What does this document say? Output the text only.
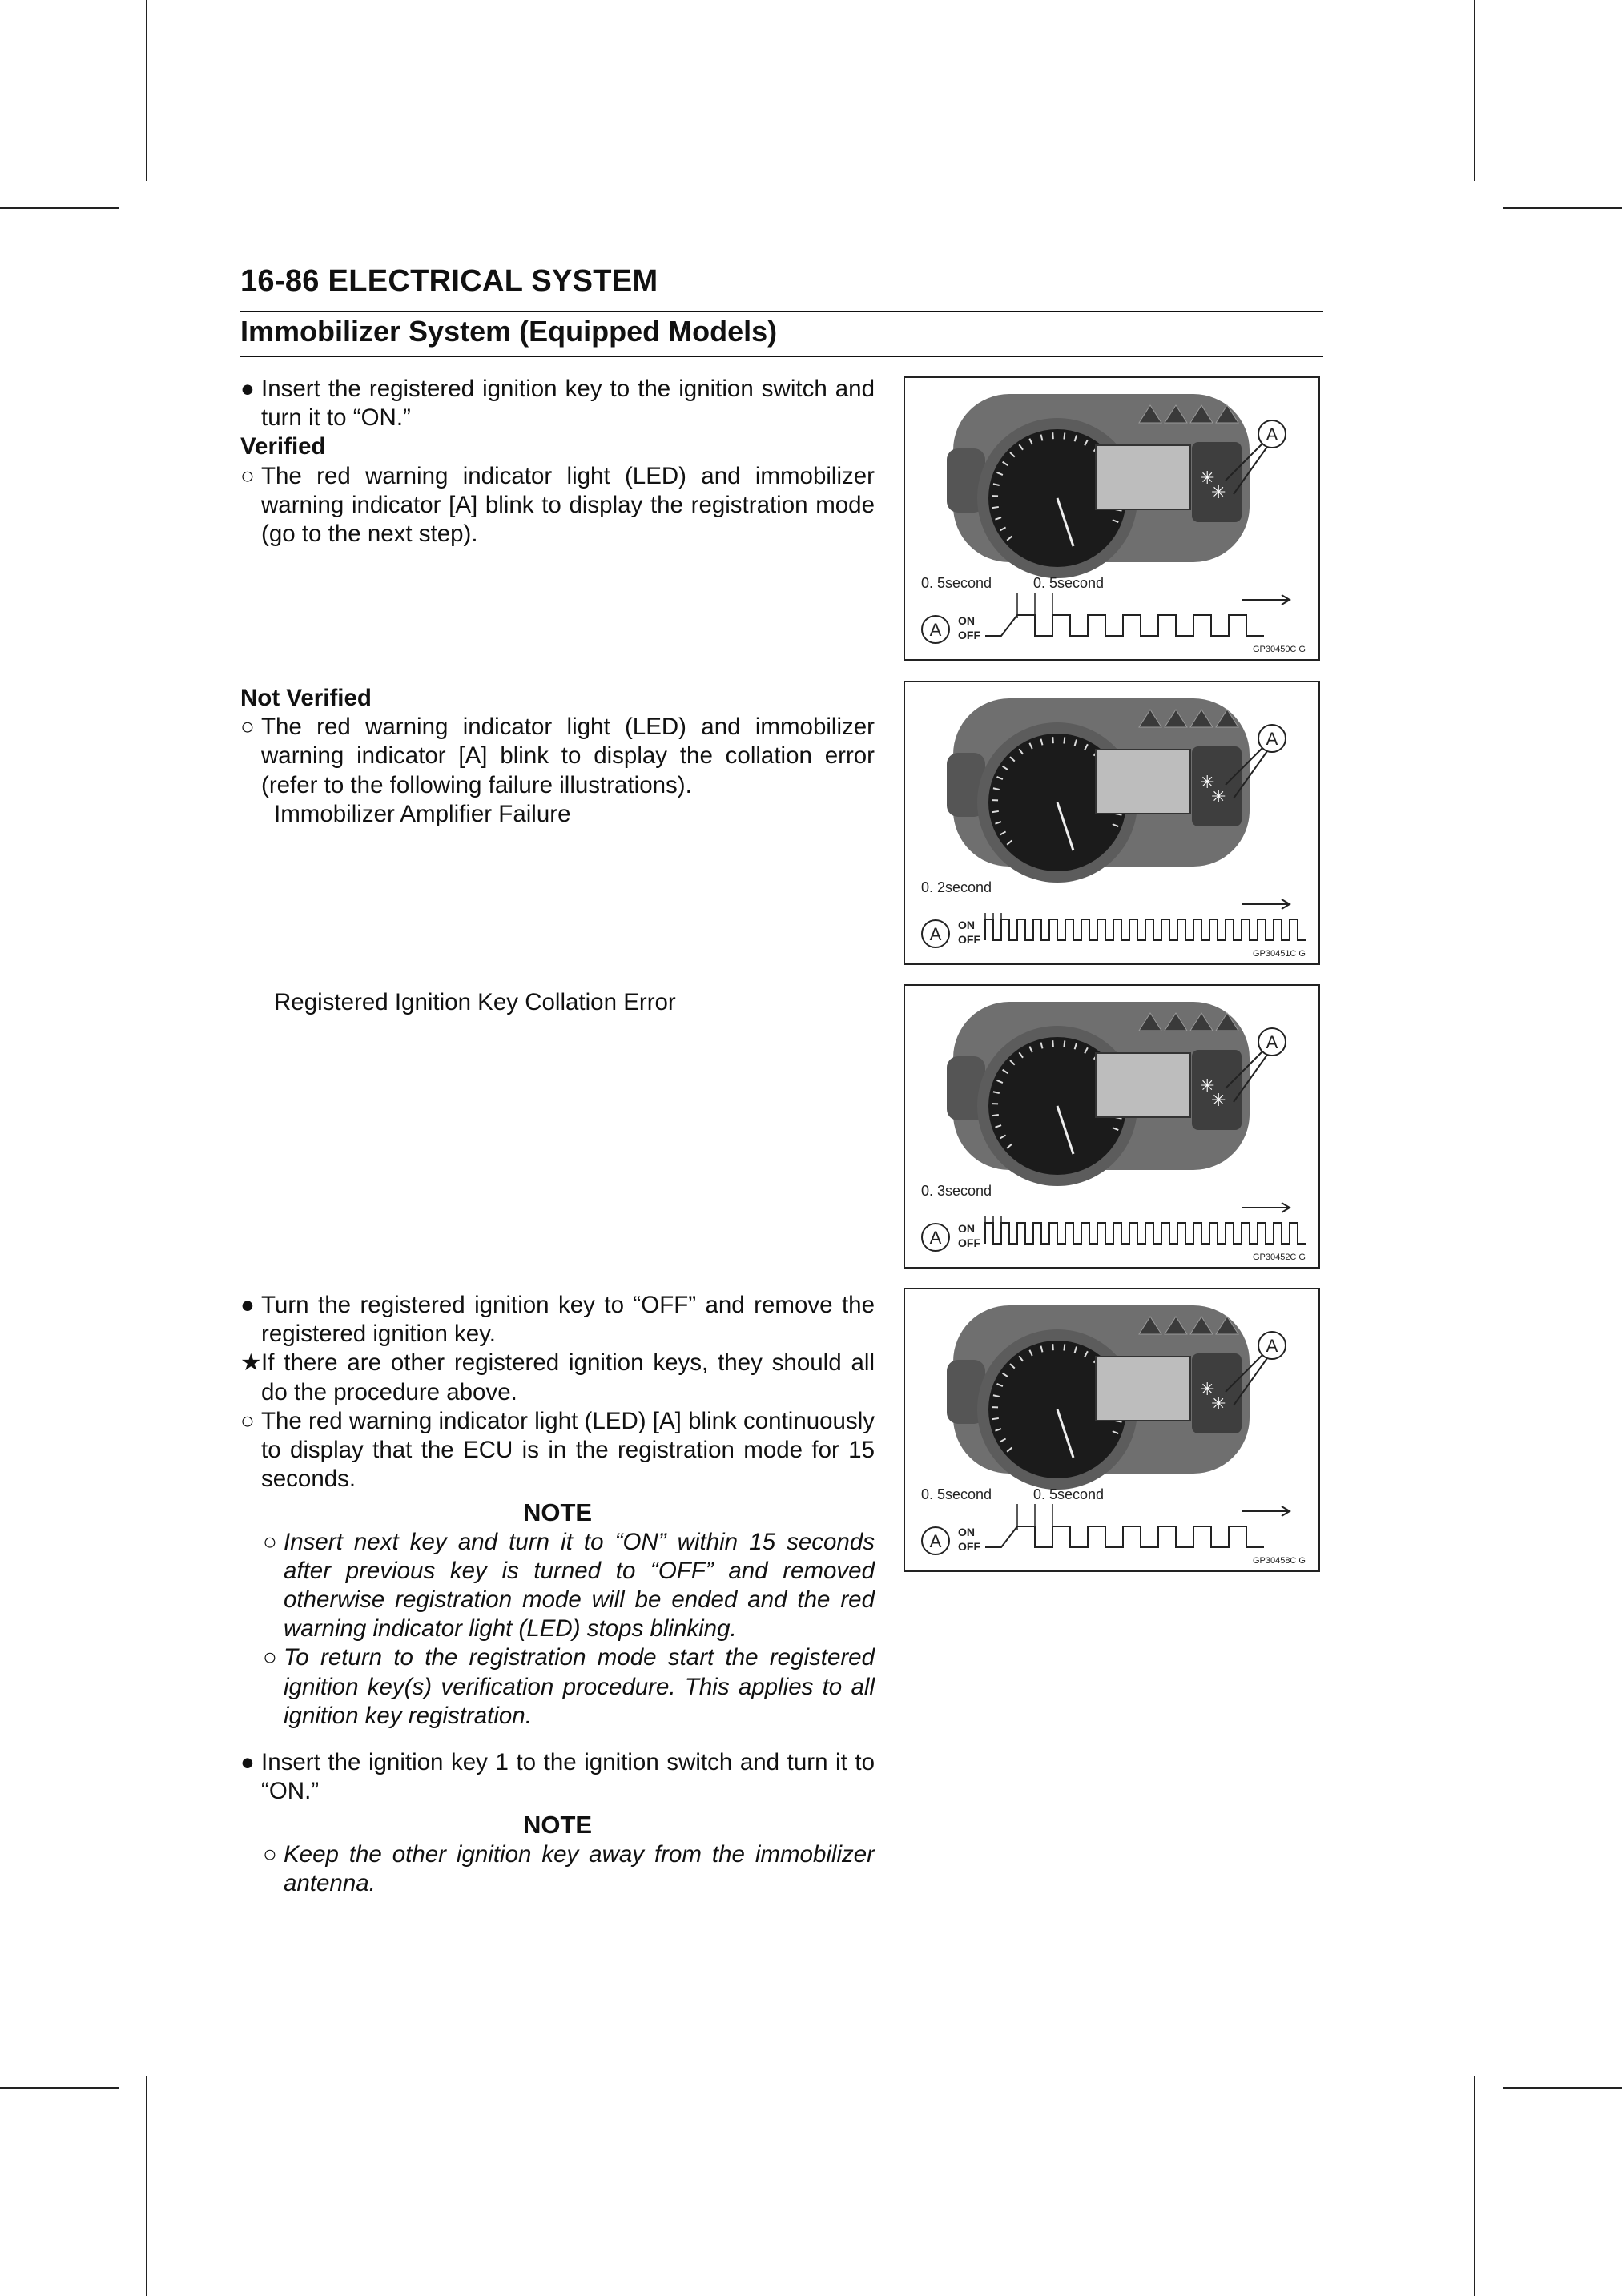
16-86 ELECTRICAL SYSTEM
Immobilizer System (Equipped Models)
● Insert the registered ignition key to the ignition switch and turn it to “ON.”
Verified
○ The red warning indicator light (LED) and immobilizer warning indicator [A] blink to display the registration mode (go to the next step).
Not Verified
○ The red warning indicator light (LED) and immobilizer warning indicator [A] blink to display the collation error (refer to the following failure illustrations).
Immobilizer Amplifier Failure
Registered Ignition Key Collation Error
● Turn the registered ignition key to “OFF” and remove the registered ignition key.
★ If there are other registered ignition keys, they should all do the procedure above.
○ The red warning indicator light (LED) [A] blink continuously to display that the ECU is in the registration mode for 15 seconds.
NOTE
○ Insert next key and turn it to “ON” within 15 seconds after previous key is turned to “OFF” and removed otherwise registration mode will be ended and the red warning indicator light (LED) stops blinking.
○ To return to the registration mode start the registered ignition key(s) verification procedure. This applies to all ignition key registration.
● Insert the ignition key 1 to the ignition switch and turn it to “ON.”
NOTE
○ Keep the other ignition key away from the immobilizer antenna.
✳
✳
A
0. 5second	0. 5second
A ON
OFF
GP30450C G
✳
✳
A
0. 2second
A ON
OFF
GP30451C G
✳
✳
A
0. 3second
A ON
OFF
GP30452C G
✳
✳
A
0. 5second	0. 5second
A ON
OFF
GP30458C G
